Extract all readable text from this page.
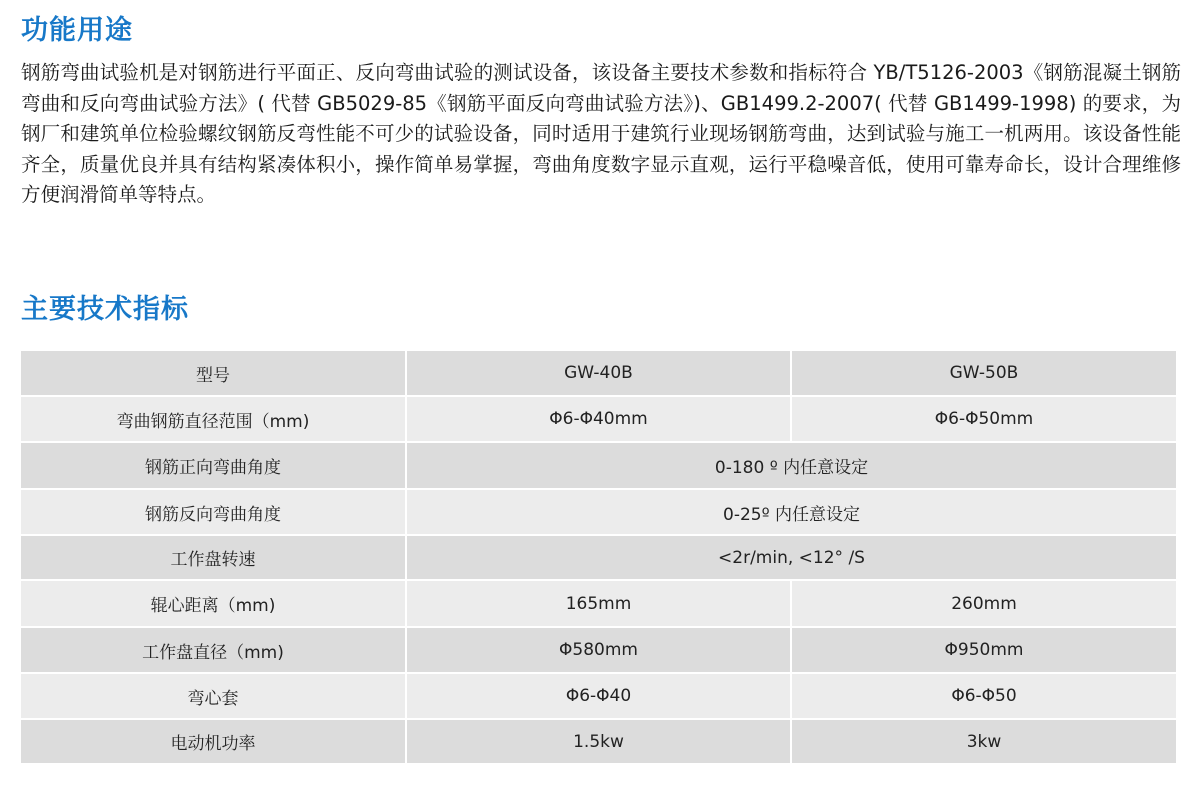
功能用途

钢筋弯曲试验机是对钢筋进行平面正、反向弯曲试验的测试设备，该设备主要技术参数和指标符合 YB/T5126-2003《钢筋混凝土钢筋弯曲和反向弯曲试验方法》( 代替 GB5029-85《钢筋平面反向弯曲试验方法》)、GB1499.2-2007( 代替 GB1499-1998) 的要求，为钢厂和建筑单位检验螺纹钢筋反弯性能不可少的试验设备，同时适用于建筑行业现场钢筋弯曲，达到试验与施工一机两用。该设备性能齐全，质量优良并具有结构紧凑体积小，操作简单易掌握，弯曲角度数字显示直观，运行平稳噪音低，使用可靠寿命长，设计合理维修方便润滑简单等特点。

主要技术指标
型号	GW-40B	GW-50B
弯曲钢筋直径范围（mm)	Φ6-Φ40mm	Φ6-Φ50mm
钢筋正向弯曲角度	0-180 º 内任意设定	
钢筋反向弯曲角度	0-25º 内任意设定	
工作盘转速	<2r/min, <12° /S	
辊心距离（mm)	165mm	260mm
工作盘直径（mm)	Φ580mm	Φ950mm
弯心套	Φ6-Φ40	Φ6-Φ50
电动机功率	1.5kw	3kw
